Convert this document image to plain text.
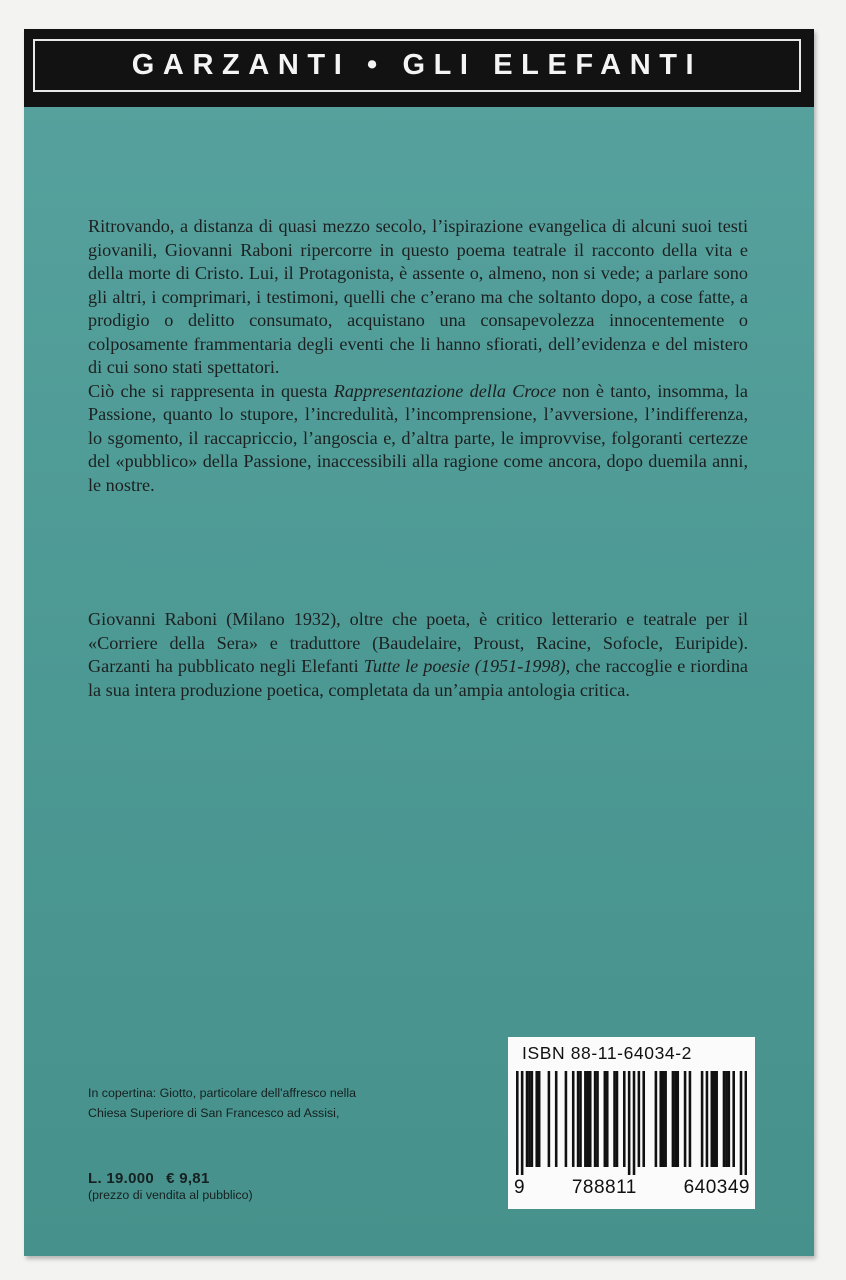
GARZANTI • GLI ELEFANTI

Ritrovando, a distanza di quasi mezzo secolo, l’ispirazione evangelica di alcuni suoi testi giovanili, Giovanni Raboni ripercorre in questo poema teatrale il racconto della vita e della morte di Cristo. Lui, il Protagonista, è assente o, almeno, non si vede; a parlare sono gli altri, i comprimari, i testimoni, quelli che c’erano ma che soltanto dopo, a cose fatte, a prodigio o delitto consumato, acquistano una consapevolezza innocentemente o colposamente frammentaria degli eventi che li hanno sfiorati, dell’evidenza e del mistero di cui sono stati spettatori.

Ciò che si rappresenta in questa Rappresentazione della Croce non è tanto, insomma, la Passione, quanto lo stupore, l’incredulità, l’incomprensione, l’avversione, l’indifferenza, lo sgomento, il raccapriccio, l’angoscia e, d’altra parte, le improvvise, folgoranti certezze del «pubblico» della Passione, inaccessibili alla ragione come ancora, dopo duemila anni, le nostre.

Giovanni Raboni (Milano 1932), oltre che poeta, è critico letterario e teatrale per il «Corriere della Sera» e traduttore (Baudelaire, Proust, Racine, Sofocle, Euripide). Garzanti ha pubblicato negli Elefanti Tutte le poesie (1951-1998), che raccoglie e riordina la sua intera produzione poetica, completata da un’ampia antologia critica.

In copertina: Giotto, particolare dell'affresco nella
Chiesa Superiore di San Francesco ad Assisi,
L. 19.000 € 9,81
(prezzo di vendita al pubblico)
ISBN 88-11-64034-2
9 788811 640349
